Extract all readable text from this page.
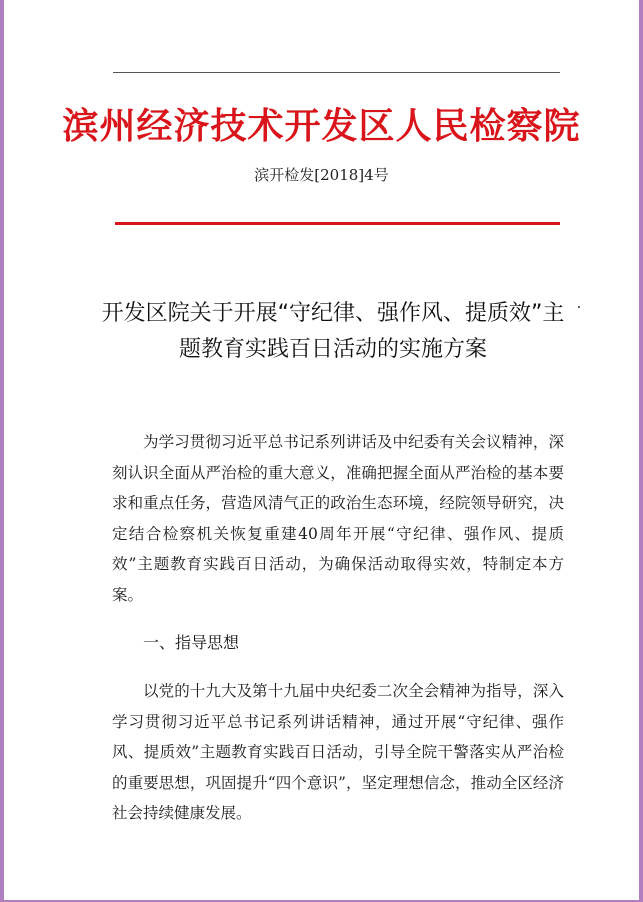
滨州经济技术开发区人民检察院
滨开检发[2018]4号
开发区院关于开展“守纪律、强作风、提质效”主题教育实践百日活动的实施方案
为学习贯彻习近平总书记系列讲话及中纪委有关会议精神，深刻认识全面从严治检的重大意义，准确把握全面从严治检的基本要求和重点任务，营造风清气正的政治生态环境，经院领导研究，决定结合检察机关恢复重建40周年开展“守纪律、强作风、提质效”主题教育实践百日活动，为确保活动取得实效，特制定本方案。
一、指导思想
以党的十九大及第十九届中央纪委二次全会精神为指导，深入学习贯彻习近平总书记系列讲话精神，通过开展“守纪律、强作风、提质效”主题教育实践百日活动，引导全院干警落实从严治检的重要思想，巩固提升“四个意识”，坚定理想信念，推动全区经济社会持续健康发展。
